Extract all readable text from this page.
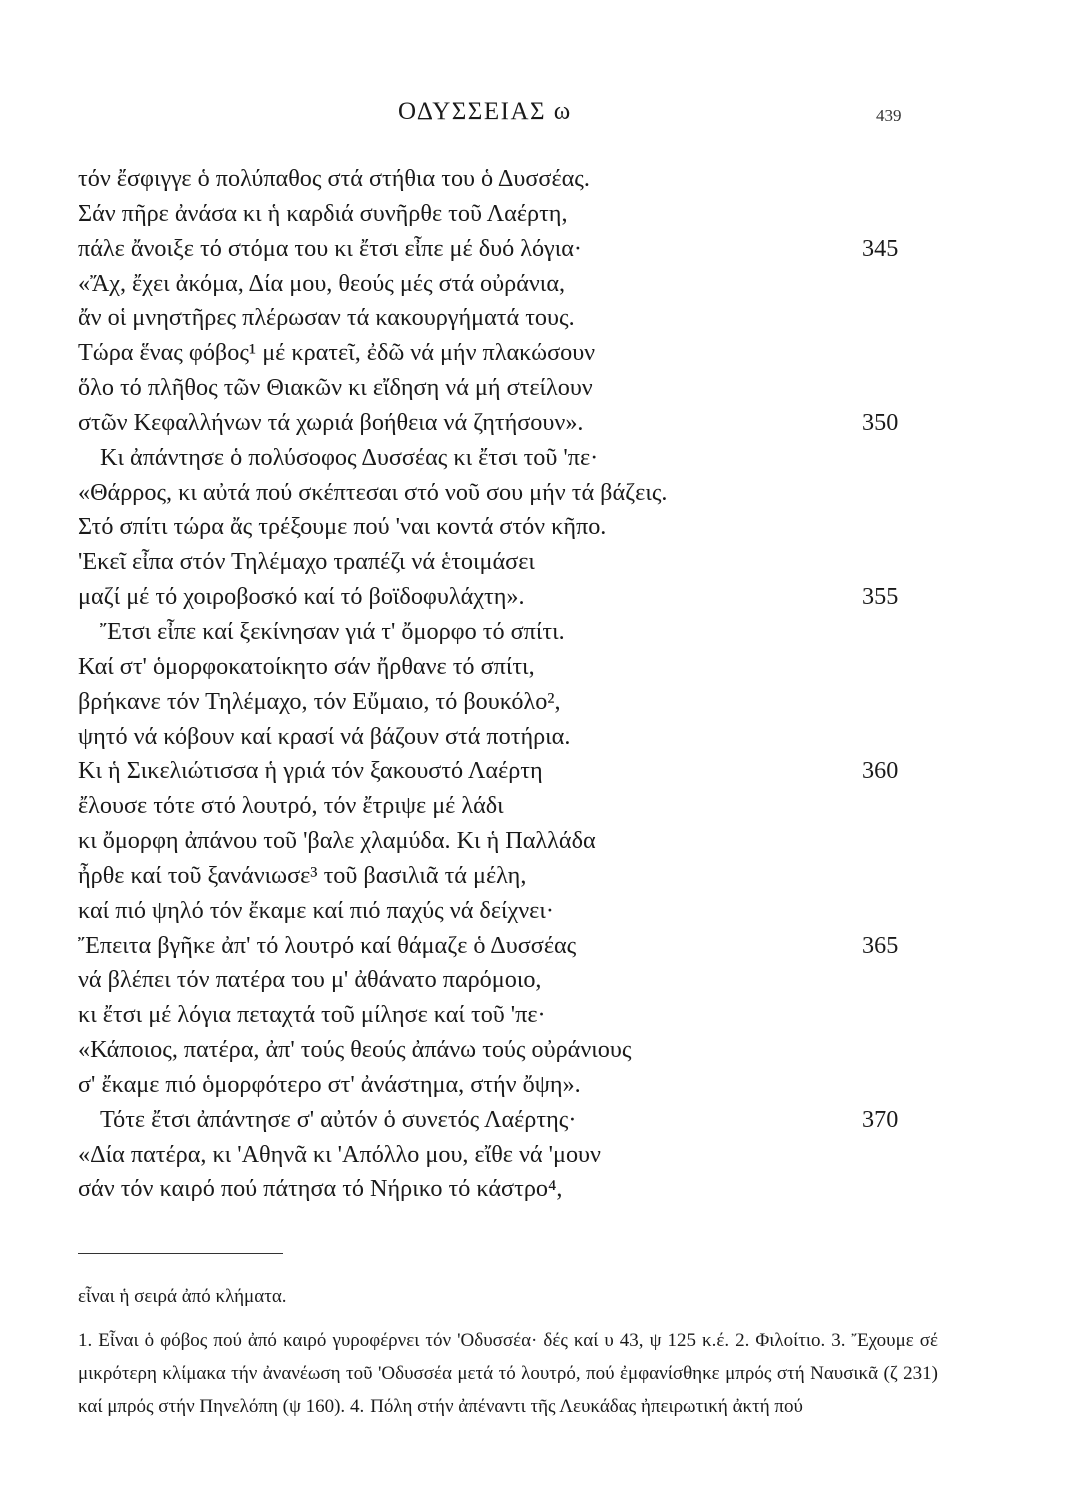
ΟΔΥΣΣΕΙΑΣ ω	439
τόν ἔσφιγγε ὁ πολύπαθος στά στήθια του ὁ Δυσσέας.
Σάν πῆρε ἀνάσα κι ἡ καρδιά συνῆρθε τοῦ Λαέρτη,
πάλε ἄνοιξε τό στόμα του κι ἔτσι εἶπε μέ δυό λόγια·	345
«Ἄχ, ἔχει ἀκόμα, Δία μου, θεούς μές στά οὐράνια,
ἄν οἱ μνηστῆρες πλέρωσαν τά κακουργήματά τους.
Τώρα ἕνας φόβος¹ μέ κρατεῖ, ἐδῶ νά μήν πλακώσουν
ὅλο τό πλῆθος τῶν Θιακῶν κι εἴδηση νά μή στείλουν
στῶν Κεφαλλήνων τά χωριά βοήθεια νά ζητήσουν».	350
Κι ἀπάντησε ὁ πολύσοφος Δυσσέας κι ἔτσι τοῦ 'πε·
«Θάρρος, κι αὐτά πού σκέπτεσαι στό νοῦ σου μήν τά βάζεις.
Στό σπίτι τώρα ἄς τρέξουμε πού 'ναι κοντά στόν κῆπο.
'Εκεῖ εἶπα στόν Τηλέμαχο τραπέζι νά ἑτοιμάσει
μαζί μέ τό χοιροβοσκό καί τό βοϊδοφυλάχτη».	355
Ἔτσι εἶπε καί ξεκίνησαν γιά τ' ὄμορφο τό σπίτι.
Καί στ' ὁμορφοκατοίκητο σάν ἤρθανε τό σπίτι,
βρήκανε τόν Τηλέμαχο, τόν Εὔμαιο, τό βουκόλο²,
ψητό νά κόβουν καί κρασί νά βάζουν στά ποτήρια.
Κι ἡ Σικελιώτισσα ἡ γριά τόν ξακουστό Λαέρτη	360
ἔλουσε τότε στό λουτρό, τόν ἔτριψε μέ λάδι
κι ὄμορφη ἀπάνου τοῦ 'βαλε χλαμύδα. Κι ἡ Παλλάδα
ἦρθε καί τοῦ ξανάνιωσε³ τοῦ βασιλιᾶ τά μέλη,
καί πιό ψηλό τόν ἔκαμε καί πιό παχύς νά δείχνει·
Ἔπειτα βγῆκε ἀπ' τό λουτρό καί θάμαζε ὁ Δυσσέας	365
νά βλέπει τόν πατέρα του μ' ἀθάνατο παρόμοιο,
κι ἔτσι μέ λόγια πεταχτά τοῦ μίλησε καί τοῦ 'πε·
«Κάποιος, πατέρα, ἀπ' τούς θεούς ἀπάνω τούς οὐράνιους
σ' ἔκαμε πιό ὁμορφότερο στ' ἀνάστημα, στήν ὄψη».
Τότε ἔτσι ἀπάντησε σ' αὐτόν ὁ συνετός Λαέρτης·	370
«Δία πατέρα, κι 'Αθηνᾶ κι 'Απόλλο μου, εἴθε νά 'μουν
σάν τόν καιρό πού πάτησα τό Νήρικο τό κάστρο⁴,
εἶναι ἡ σειρά ἀπό κλήματα.
1. Εἶναι ὁ φόβος πού ἀπό καιρό γυροφέρνει τόν 'Οδυσσέα· δές καί υ 43, ψ 125 κ.έ. 2. Φιλοίτιο. 3. Ἔχουμε σέ μικρότερη κλίμακα τήν ἀνανέωση τοῦ 'Οδυσσέα μετά τό λουτρό, πού ἐμφανίσθηκε μπρός στή Ναυσικᾶ (ζ 231) καί μπρός στήν Πηνελόπη (ψ 160). 4. Πόλη στήν ἀπέναντι τῆς Λευκάδας ἠπειρωτική ἀκτή πού
